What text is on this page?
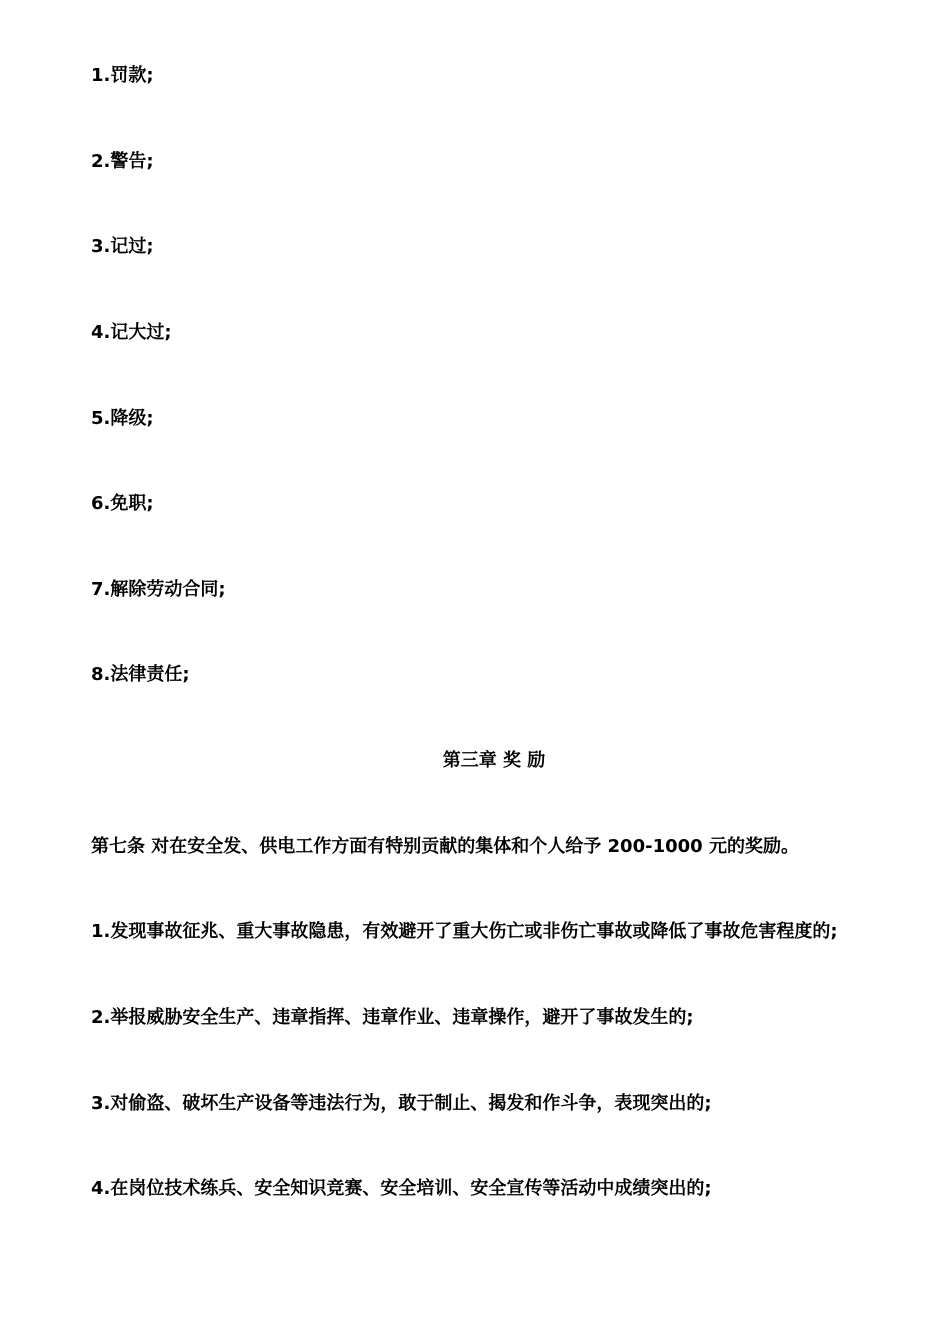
1.罚款;
2.警告;
3.记过;
4.记大过;
5.降级;
6.免职;
7.解除劳动合同;
8.法律责任;
第三章 奖 励
第七条 对在安全发、供电工作方面有特别贡献的集体和个人给予 200-1000 元的奖励。
1.发现事故征兆、重大事故隐患，有效避开了重大伤亡或非伤亡事故或降低了事故危害程度的;
2.举报威胁安全生产、违章指挥、违章作业、违章操作，避开了事故发生的;
3.对偷盗、破坏生产设备等违法行为，敢于制止、揭发和作斗争，表现突出的;
4.在岗位技术练兵、安全知识竞赛、安全培训、安全宣传等活动中成绩突出的;
